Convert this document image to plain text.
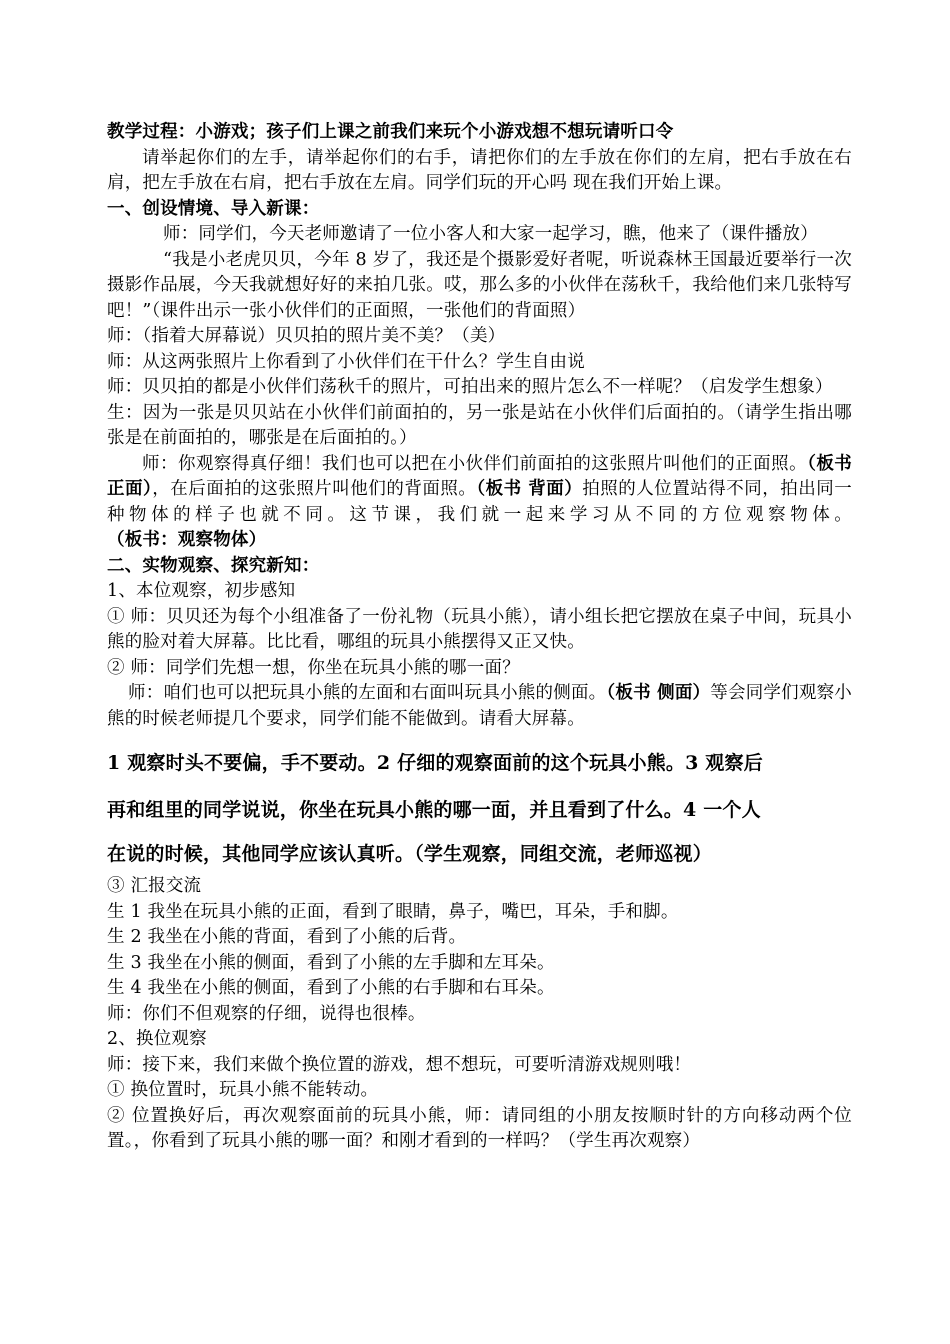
教学过程：小游戏；孩子们上课之前我们来玩个小游戏想不想玩请听口令

请举起你们的左手，请举起你们的右手，请把你们的左手放在你们的左肩，把右手放在右肩，把左手放在右肩，把右手放在左肩。同学们玩的开心吗 现在我们开始上课。

一、创设情境、导入新课：

师：同学们，今天老师邀请了一位小客人和大家一起学习，瞧，他来了（课件播放）

“我是小老虎贝贝，今年 8 岁了，我还是个摄影爱好者呢，听说森林王国最近要举行一次摄影作品展，今天我就想好好的来拍几张。哎，那么多的小伙伴在荡秋千，我给他们来几张特写吧！”（课件出示一张小伙伴们的正面照，一张他们的背面照）

师：（指着大屏幕说）贝贝拍的照片美不美？（美）

师：从这两张照片上你看到了小伙伴们在干什么？学生自由说

师：贝贝拍的都是小伙伴们荡秋千的照片，可拍出来的照片怎么不一样呢？（启发学生想象）

生：因为一张是贝贝站在小伙伴们前面拍的，另一张是站在小伙伴们后面拍的。（请学生指出哪张是在前面拍的，哪张是在后面拍的。）

师：你观察得真仔细！我们也可以把在小伙伴们前面拍的这张照片叫他们的正面照。（板书 正面），在后面拍的这张照片叫他们的背面照。（板书 背面）拍照的人位置站得不同，拍出同一种物体的样子也就不同。这节课，我们就一起来学习从不同的方位观察物体。（板书：观察物体）

二、实物观察、探究新知：

1、本位观察，初步感知

① 师：贝贝还为每个小组准备了一份礼物（玩具小熊），请小组长把它摆放在桌子中间，玩具小熊的脸对着大屏幕。比比看，哪组的玩具小熊摆得又正又快。

② 师：同学们先想一想，你坐在玩具小熊的哪一面？

师：咱们也可以把玩具小熊的左面和右面叫玩具小熊的侧面。（板书 侧面）等会同学们观察小熊的时候老师提几个要求，同学们能不能做到。请看大屏幕。

1 观察时头不要偏，手不要动。2 仔细的观察面前的这个玩具小熊。3 观察后

再和组里的同学说说，你坐在玩具小熊的哪一面，并且看到了什么。4 一个人

在说的时候，其他同学应该认真听。（学生观察，同组交流，老师巡视）

③ 汇报交流

生 1 我坐在玩具小熊的正面，看到了眼睛，鼻子，嘴巴，耳朵，手和脚。

生 2 我坐在小熊的背面，看到了小熊的后背。

生 3 我坐在小熊的侧面，看到了小熊的左手脚和左耳朵。

生 4 我坐在小熊的侧面，看到了小熊的右手脚和右耳朵。

师：你们不但观察的仔细，说得也很棒。

2、换位观察

师：接下来，我们来做个换位置的游戏，想不想玩，可要听清游戏规则哦！

① 换位置时，玩具小熊不能转动。

② 位置换好后，再次观察面前的玩具小熊，师：请同组的小朋友按顺时针的方向移动两个位置。，你看到了玩具小熊的哪一面？和刚才看到的一样吗？（学生再次观察）
